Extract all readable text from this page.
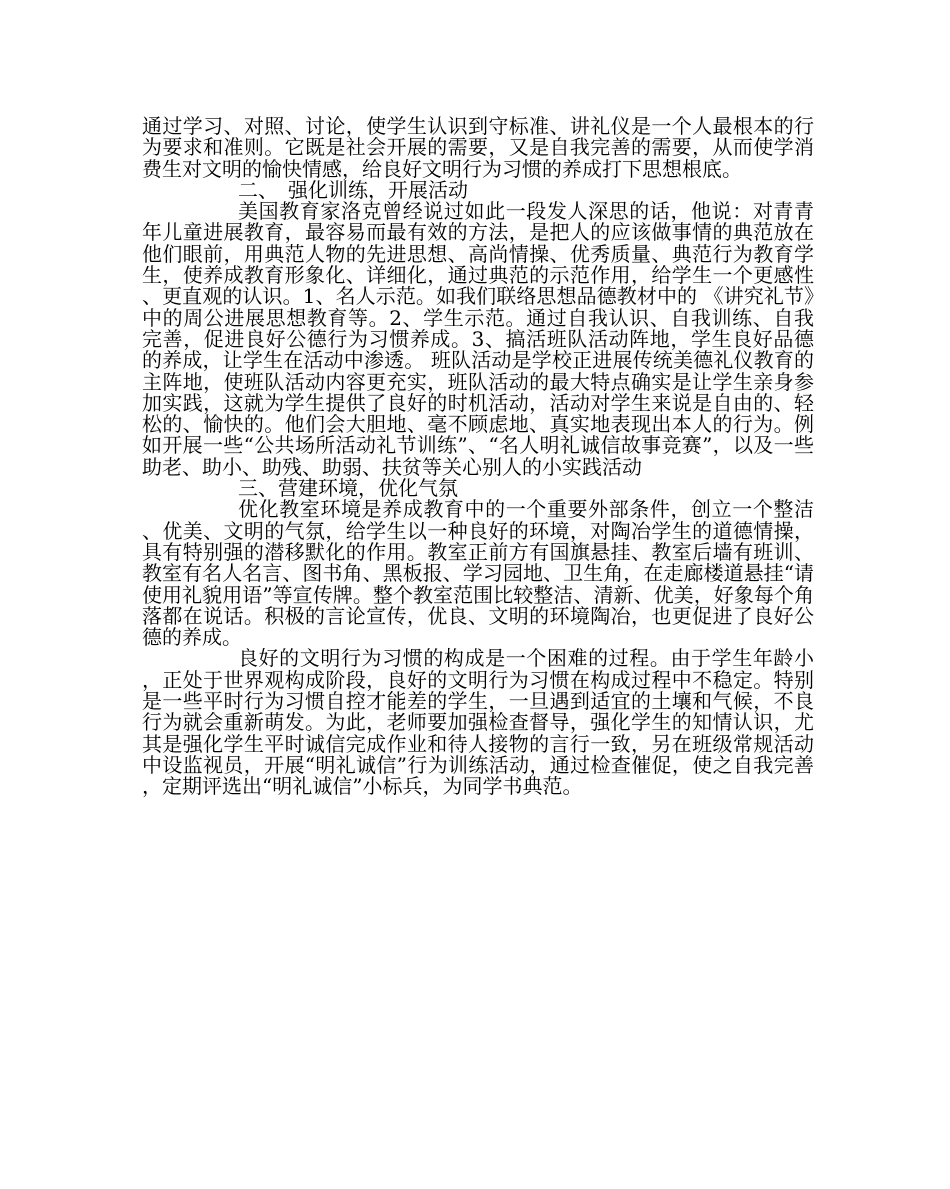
通过学习、对照、讨论，使学生认识到守标准、讲礼仪是一个人最根本的行为要求和准则。它既是社会开展的需要，又是自我完善的需要，从而使学消费生对文明的愉快情感，给良好文明行为习惯的养成打下思想根底。

二、　强化训练，开展活动

美国教育家洛克曾经说过如此一段发人深思的话，他说：对青青年儿童进展教育，最容易而最有效的方法，是把人的应该做事情的典范放在他们眼前，用典范人物的先进思想、高尚情操、优秀质量、典范行为教育学生，使养成教育形象化、详细化，通过典范的示范作用，给学生一个更感性、更直观的认识。1、名人示范。如我们联络思想品德教材中的 《讲究礼节》中的周公进展思想教育等。2、学生示范。通过自我认识、自我训练、自我完善，促进良好公德行为习惯养成。3、搞活班队活动阵地，学生良好品德的养成，让学生在活动中渗透。 班队活动是学校正进展传统美德礼仪教育的主阵地，使班队活动内容更充实，班队活动的最大特点确实是让学生亲身参加实践，这就为学生提供了良好的时机活动，活动对学生来说是自由的、轻松的、愉快的。他们会大胆地、毫不顾虑地、真实地表现出本人的行为。例如开展一些“公共场所活动礼节训练”、“名人明礼诚信故事竞赛”，以及一些助老、助小、助残、助弱、扶贫等关心别人的小实践活动

三、营建环境，优化气氛

优化教室环境是养成教育中的一个重要外部条件，创立一个整洁、优美、文明的气氛，给学生以一种良好的环境，对陶冶学生的道德情操，具有特别强的潜移默化的作用。教室正前方有国旗悬挂、教室后墙有班训、教室有名人名言、图书角、黑板报、学习园地、卫生角，在走廊楼道悬挂“请使用礼貌用语”等宣传牌。整个教室范围比较整洁、清新、优美，好象每个角落都在说话。积极的言论宣传，优良、文明的环境陶冶，也更促进了良好公德的养成。

良好的文明行为习惯的构成是一个困难的过程。由于学生年龄小，正处于世界观构成阶段，良好的文明行为习惯在构成过程中不稳定。特别是一些平时行为习惯自控才能差的学生，一旦遇到适宜的土壤和气候，不良行为就会重新萌发。为此，老师要加强检查督导，强化学生的知情认识，尤其是强化学生平时诚信完成作业和待人接物的言行一致，另在班级常规活动中设监视员，开展“明礼诚信”行为训练活动，通过检查催促，使之自我完善，定期评选出“明礼诚信”小标兵，为同学书典范。
